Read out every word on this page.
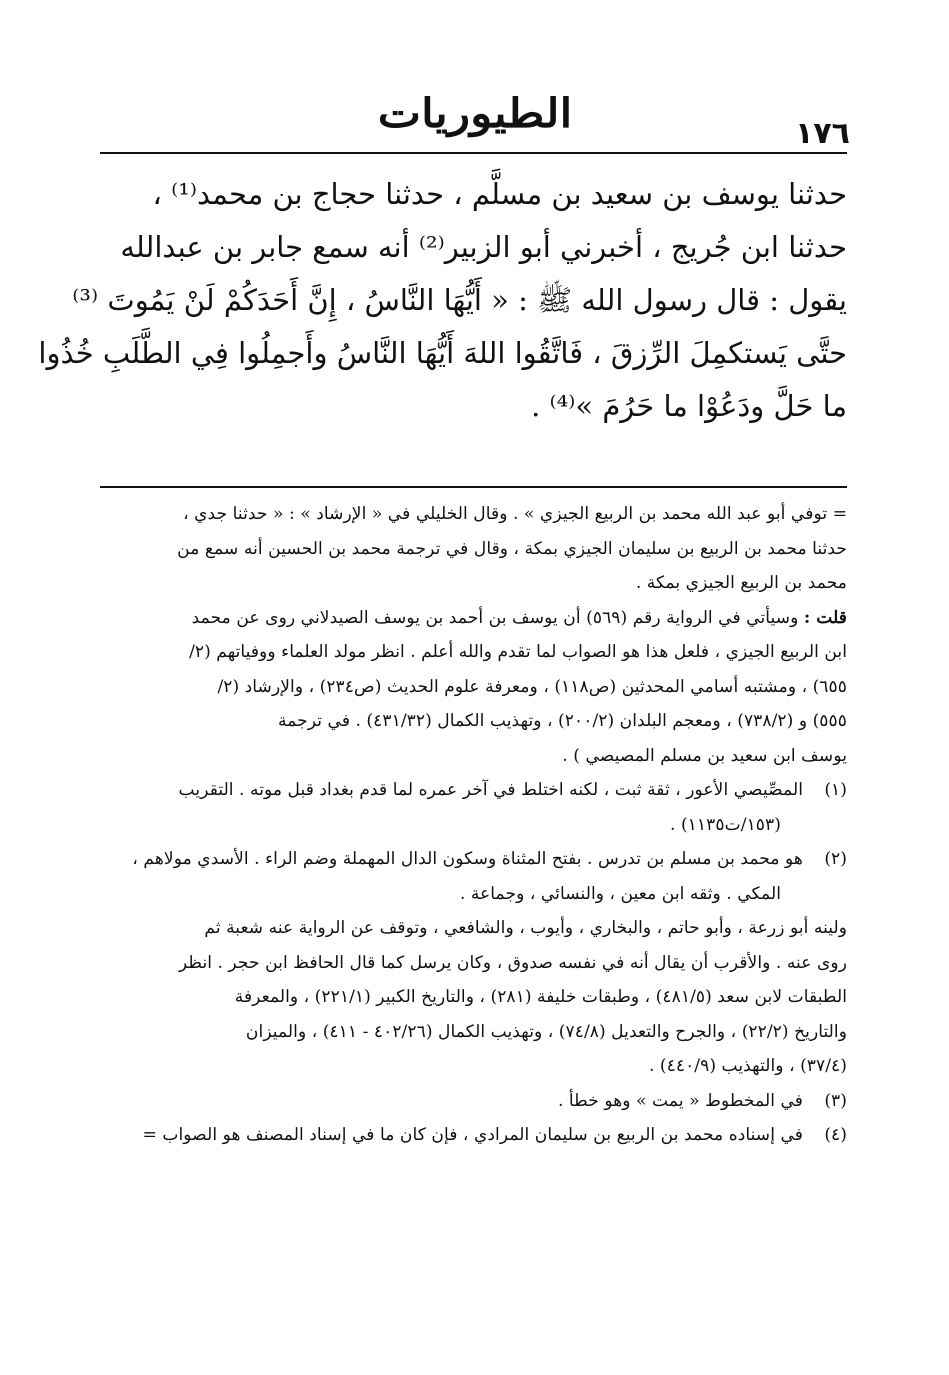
١٧٦
الطيوريات
حدثنا يوسف بن سعيد بن مسلَّم ، حدثنا حجاج بن محمد⁽¹⁾ ،
حدثنا ابن جُريج ، أخبرني أبو الزبير⁽²⁾ أنه سمع جابر بن عبدالله
يقول : قال رسول الله ﷺ : « أَيُّهَا النَّاسُ ، إِنَّ أَحَدَكُمْ لَنْ يَمُوتَ ⁽³⁾
حتَّى يَستكمِلَ الرِّزقَ ، فَاتَّقُوا اللهَ أَيُّهَا النَّاسُ وأَجمِلُوا فِي الطَّلَبِ خُذُوا
ما حَلَّ ودَعُوْا ما حَرُمَ »⁽⁴⁾ .
= توفي أبو عبد الله محمد بن الربيع الجيزي » . وقال الخليلي في « الإرشاد » : « حدثنا جدي ،
حدثنا محمد بن الربيع بن سليمان الجيزي بمكة ، وقال في ترجمة محمد بن الحسين أنه سمع من
محمد بن الربيع الجيزي بمكة .
قلت : وسيأتي في الرواية رقم (٥٦٩) أن يوسف بن أحمد بن يوسف الصيدلاني روى عن محمد
ابن الربيع الجيزي ، فلعل هذا هو الصواب لما تقدم والله أعلم . انظر مولد العلماء ووفياتهم (٢/
٦٥٥) ، ومشتبه أسامي المحدثين (ص١١٨) ، ومعرفة علوم الحديث (ص٢٣٤) ، والإرشاد (٢/
٥٥٥) و (٧٣٨/٢) ، ومعجم البلدان (٢٠٠/٢) ، وتهذيب الكمال (٤٣١/٣٢) . في ترجمة
يوسف ابن سعيد بن مسلم المصيصي ) .
(١)
المصِّيصي الأعور ، ثقة ثبت ، لكنه اختلط في آخر عمره لما قدم بغداد قبل موته . التقريب
(١٥٣/ت١١٣٥) .
(٢)
هو محمد بن مسلم بن تدرس . بفتح المثناة وسكون الدال المهملة وضم الراء . الأسدي مولاهم ،
المكي . وثقه ابن معين ، والنسائي ، وجماعة .
ولينه أبو زرعة ، وأبو حاتم ، والبخاري ، وأيوب ، والشافعي ، وتوقف عن الرواية عنه شعبة ثم
روى عنه . والأقرب أن يقال أنه في نفسه صدوق ، وكان يرسل كما قال الحافظ ابن حجر . انظر
الطبقات لابن سعد (٤٨١/٥) ، وطبقات خليفة (٢٨١) ، والتاريخ الكبير (٢٢١/١) ، والمعرفة
والتاريخ (٢٢/٢) ، والجرح والتعديل (٧٤/٨) ، وتهذيب الكمال (٤٠٢/٢٦ - ٤١١) ، والميزان
(٣٧/٤) ، والتهذيب (٤٤٠/٩) .
(٣)
في المخطوط « يمت » وهو خطأ .
(٤)
في إسناده محمد بن الربيع بن سليمان المرادي ، فإن كان ما في إسناد المصنف هو الصواب =
